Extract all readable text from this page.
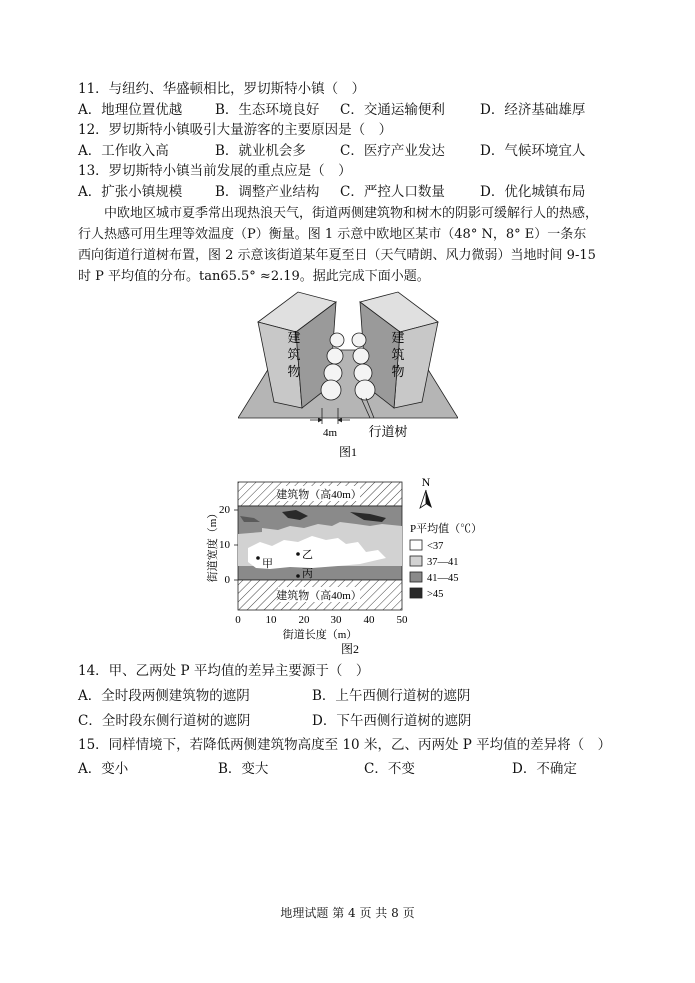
11．与纽约、华盛顿相比，罗切斯特小镇（　）
A．地理位置优越 B．生态环境良好 C．交通运输便利	D．经济基础雄厚
12．罗切斯特小镇吸引大量游客的主要原因是（　）
A．工作收入高	B．就业机会多	C．医疗产业发达	D．气候环境宜人
13．罗切斯特小镇当前发展的重点应是（　）
A．扩张小镇规模 B．调整产业结构 C．严控人口数量	D．优化城镇布局
　　中欧地区城市夏季常出现热浪天气，街道两侧建筑物和树木的阴影可缓解行人的热感，
行人热感可用生理等效温度（P）衡量。图 1 示意中欧地区某市（48° N，8° E）一条东
西向街道行道树布置，图 2 示意该街道某年夏至日（天气晴朗、风力微弱）当地时间 9-15
时 P 平均值的分布。tan65.5° ≈2.19。据此完成下面小题。
建筑物
建筑物
4m 行道树
图1
建筑物（高40m）
建筑物（高40m）
甲
乙
丙
0
10
20
0 10 20 30 40 50
街道长度（m）
街道宽度（m）
图2
N
P平均值（℃）
<37
37—41
41—45
>45
14．甲、乙两处 P 平均值的差异主要源于（　）
A．全时段两侧建筑物的遮阴	B．上午西侧行道树的遮阴
C．全时段东侧行道树的遮阴	D．下午西侧行道树的遮阴
15．同样情境下，若降低两侧建筑物高度至 10 米，乙、丙两处 P 平均值的差异将（　）
A．变小	B．变大	C．不变	D．不确定
地理试题 第 4 页 共 8 页
